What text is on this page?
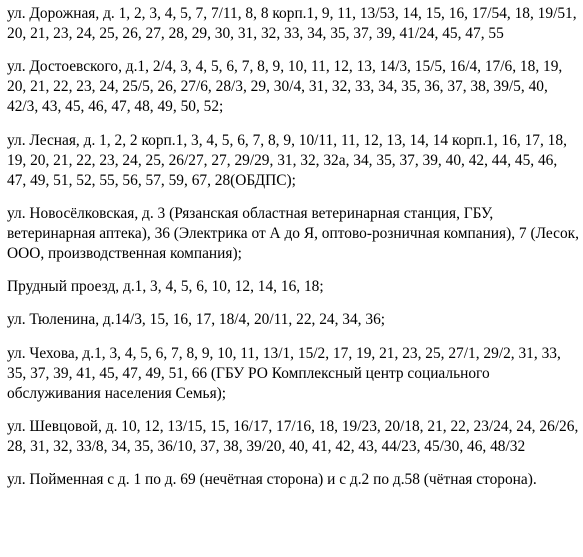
ул. Дорожная, д. 1, 2, 3, 4, 5, 7, 7/11, 8, 8 корп.1, 9, 11, 13/53, 14, 15, 16, 17/54, 18, 19/51, 20, 21, 23, 24, 25, 26, 27, 28, 29, 30, 31, 32, 33, 34, 35, 37, 39, 41/24, 45, 47, 55

ул. Достоевского, д.1, 2/4, 3, 4, 5, 6, 7, 8, 9, 10, 11, 12, 13, 14/3, 15/5, 16/4, 17/6, 18, 19, 20, 21, 22, 23, 24, 25/5, 26, 27/6, 28/3, 29, 30/4, 31, 32, 33, 34, 35, 36, 37, 38, 39/5, 40, 42/3, 43, 45, 46, 47, 48, 49, 50, 52;

ул. Лесная, д. 1, 2, 2 корп.1, 3, 4, 5, 6, 7, 8, 9, 10/11, 11, 12, 13, 14, 14 корп.1, 16, 17, 18, 19, 20, 21, 22, 23, 24, 25, 26/27, 27, 29/29, 31, 32, 32а, 34, 35, 37, 39, 40, 42, 44, 45, 46, 47, 49, 51, 52, 55, 56, 57, 59, 67, 28(ОБДПС);

ул. Новосёлковская, д. 3 (Рязанская областная ветеринарная станция, ГБУ, ветеринарная аптека), 36 (Электрика от А до Я, оптово-розничная компания), 7 (Лесок, ООО, производственная компания);

Прудный проезд, д.1, 3, 4, 5, 6, 10, 12, 14, 16, 18;

ул. Тюленина, д.14/3, 15, 16, 17, 18/4, 20/11, 22, 24, 34, 36;

ул. Чехова, д.1, 3, 4, 5, 6, 7, 8, 9, 10, 11, 13/1, 15/2, 17, 19, 21, 23, 25, 27/1, 29/2, 31, 33, 35, 37, 39, 41, 45, 47, 49, 51, 66 (ГБУ РО Комплексный центр социального обслуживания населения Семья);

ул. Шевцовой, д. 10, 12, 13/15, 15, 16/17, 17/16, 18, 19/23, 20/18, 21, 22, 23/24, 24, 26/26, 28, 31, 32, 33/8, 34, 35, 36/10, 37, 38, 39/20, 40, 41, 42, 43, 44/23, 45/30, 46, 48/32

ул. Пойменная с д. 1 по д. 69 (нечётная сторона) и с д.2 по д.58 (чётная сторона).
